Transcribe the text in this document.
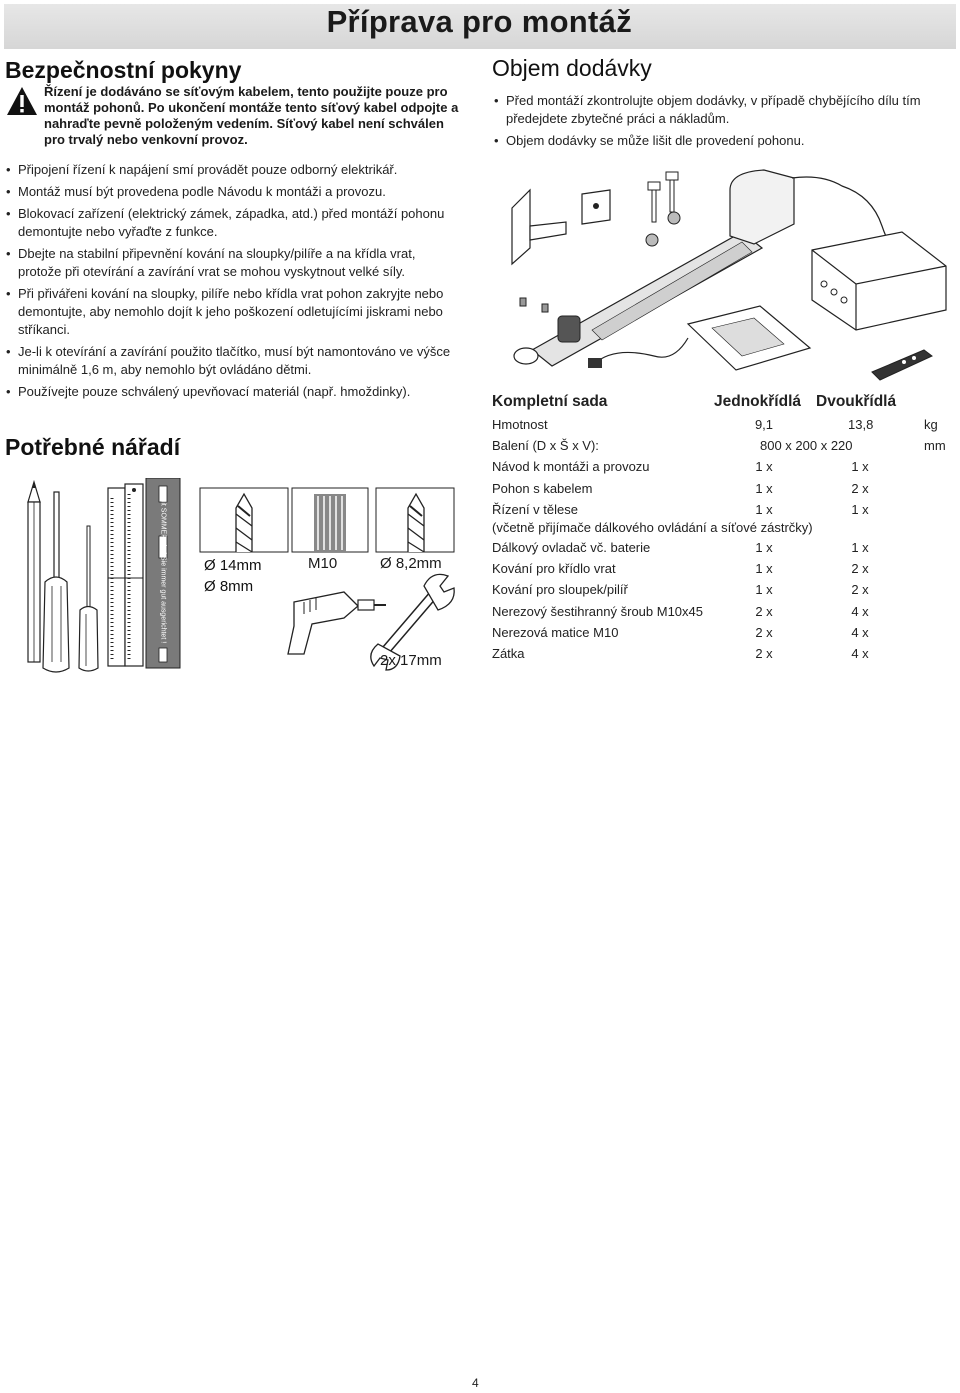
Příprava pro montáž
Bezpečnostní pokyny
Řízení je dodáváno se síťovým kabelem, tento použijte pouze pro montáž pohonů. Po ukončení montáže tento síťový kabel odpojte a nahraďte pevně položeným vedením. Síťový kabel není schválen pro trvalý nebo venkovní provoz.
• Připojení řízení k napájení smí provádět pouze odborný elektrikář.
• Montáž musí být provedena podle Návodu k montáži a provozu.
• Blokovací zařízení (elektrický zámek, západka, atd.) před montáží pohonu demontujte nebo vyřaďte z funkce.
• Dbejte na stabilní připevnění kování na sloupky/pilíře a na křídla vrat, protože při otevírání a zavírání vrat se mohou vyskytnout velké síly.
• Při přivářeni kování na sloupky, pilíře nebo křídla vrat pohon zakryjte nebo demontujte, aby nemohlo dojít k jeho poškození odletujícími jiskrami nebo stříkanci.
• Je-li k otevírání a zavírání použito tlačítko, musí být namontováno ve výšce minimálně 1,6 m, aby nemohlo být ovládáno dětmi.
• Používejte pouze schválený upevňovací materiál (např. hmoždinky).
Potřebné nářadí
Mit SOMMER sind Sie immer gut ausgerichtet !	Ø 14mm
Ø 8mm
M10	Ø 8,2mm
2x 17mm
Objem dodávky
• Před montáží zkontrolujte objem dodávky, v případě chybějícího dílu tím předejdete zbytečné práci a nákladům.
• Objem dodávky se může lišit dle provedení pohonu.
Kompletní sada	Jednokřídlá Dvoukřídlá
Hmotnost	9,1	13,8	kg
Balení (D x Š x V):	800 x 200 x 220	mm
Návod k montáži a provozu	1 x	1 x
Pohon s kabelem	1 x	2 x
Řízení v tělese	1 x	1 x
(včetně přijímače dálkového ovládání a síťové zástrčky)
Dálkový ovladač vč. baterie	1 x	1 x
Kování pro křídlo vrat	1 x	2 x
Kování pro sloupek/pilíř	1 x	2 x
Nerezový šestihranný šroub M10x45	2 x	4 x
Nerezová matice M10	2 x	4 x
Zátka	2 x	4 x
4
